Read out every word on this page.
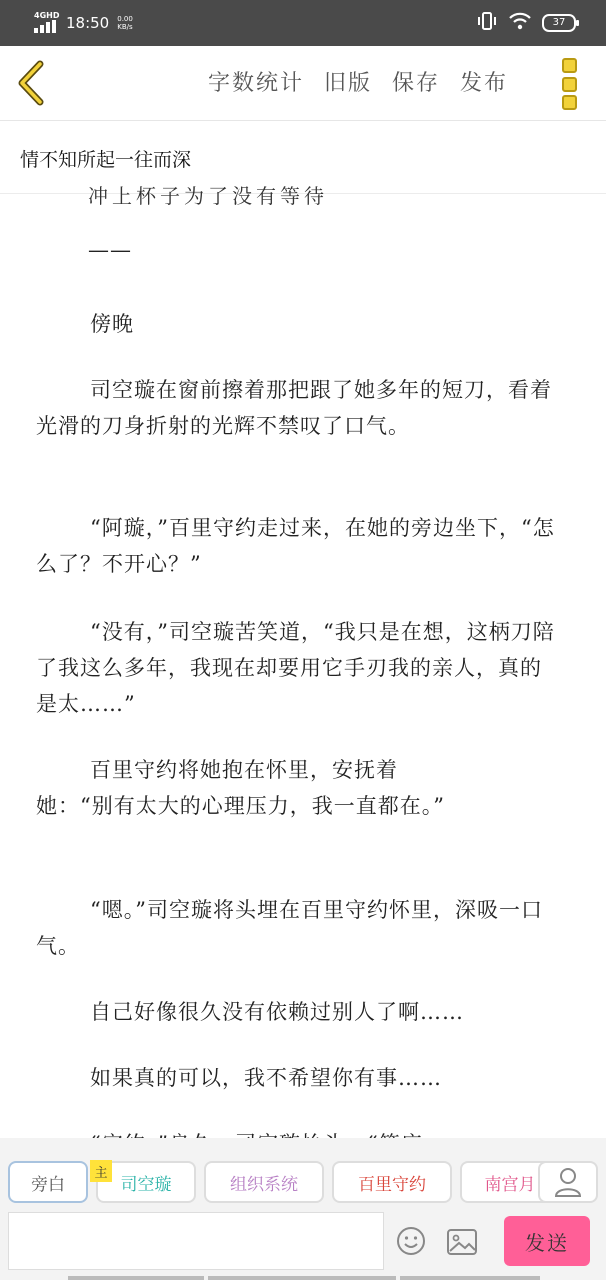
4GHD 18:50 0.00
KB/s	37
字数统计 旧版 保存 发布
情不知所起一往而深
冲上杯子为了没有等待

——

傍晚

司空璇在窗前擦着那把跟了她多年的短刀，看着光滑的刀身折射的光辉不禁叹了口气。

“阿璇，”百里守约走过来，在她的旁边坐下，“怎么了？不开心？”

“没有，”司空璇苦笑道，“我只是在想，这柄刀陪了我这么多年，我现在却要用它手刃我的亲人，真的是太……”

百里守约将她抱在怀里，安抚着

她：“别有太大的心理压力，我一直都在。”

“嗯。”司空璇将头埋在百里守约怀里，深吸一口气。

自己好像很久没有依赖过别人了啊……

如果真的可以，我不希望你有事……

旁白	司空璇	组织系统	百里守约	南宫月
主
发送
